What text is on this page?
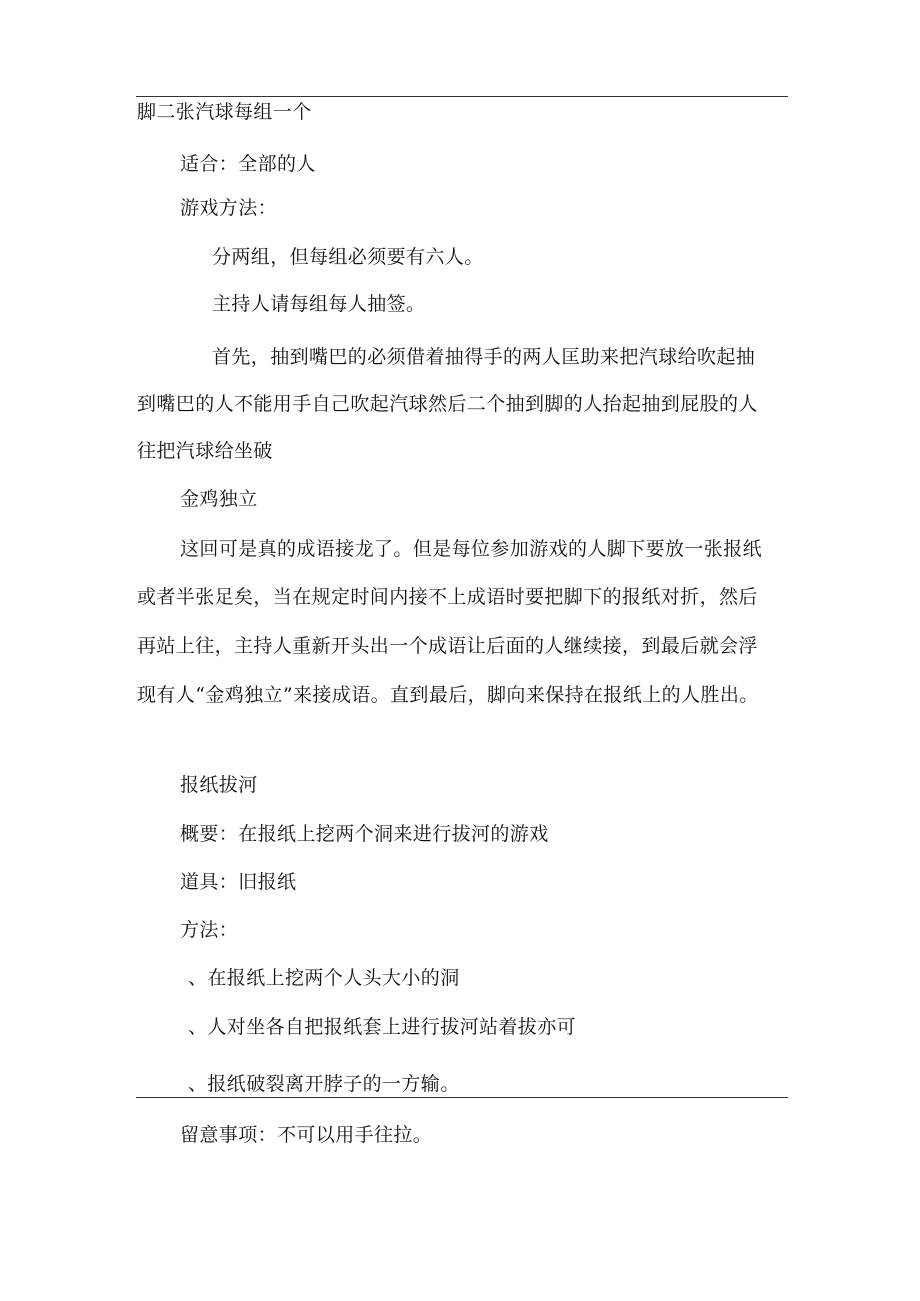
脚二张汽球每组一个
适合：全部的人
游戏方法：
分两组，但每组必须要有六人。
主持人请每组每人抽签。
首先，抽到嘴巴的必须借着抽得手的两人匡助来把汽球给吹起抽
到嘴巴的人不能用手自己吹起汽球然后二个抽到脚的人抬起抽到屁股的人
往把汽球给坐破
金鸡独立
这回可是真的成语接龙了。但是每位参加游戏的人脚下要放一张报纸
或者半张足矣，当在规定时间内接不上成语时要把脚下的报纸对折，然后
再站上往，主持人重新开头出一个成语让后面的人继续接，到最后就会浮
现有人“金鸡独立”来接成语。直到最后，脚向来保持在报纸上的人胜出。
报纸拔河
概要：在报纸上挖两个洞来进行拔河的游戏
道具：旧报纸
方法：
、在报纸上挖两个人头大小的洞
、人对坐各自把报纸套上进行拔河站着拔亦可
、报纸破裂离开脖子的一方输。
留意事项：不可以用手往拉。
